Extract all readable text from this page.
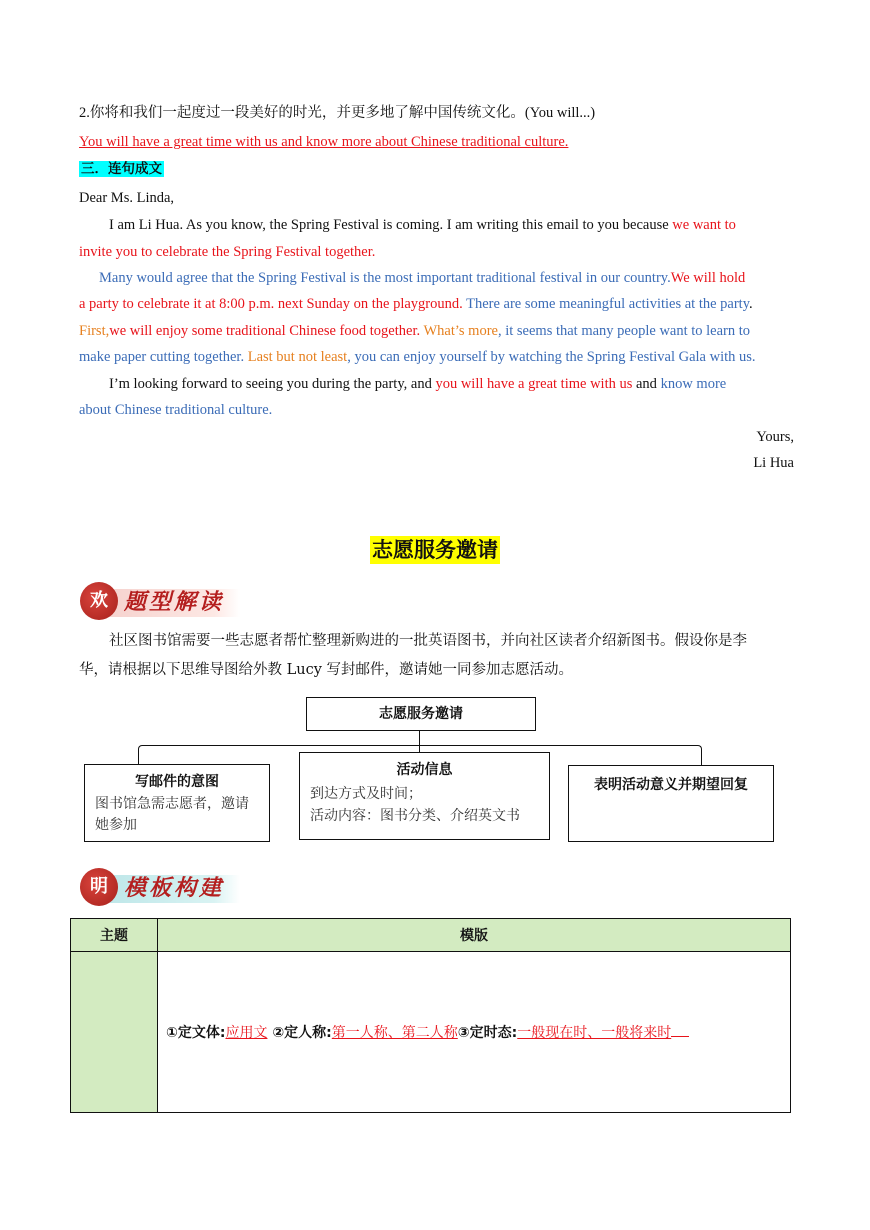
2.你将和我们一起度过一段美好的时光，并更多地了解中国传统文化。(You will...)
You will have a great time with us and know more about Chinese traditional culture.
三．连句成文
Dear Ms. Linda,
I am Li Hua. As you know, the Spring Festival is coming. I am writing this email to you because we want to
invite you to celebrate the Spring Festival together.
Many would agree that the Spring Festival is the most important traditional festival in our country.We will hold
a party to celebrate it at 8:00 p.m. next Sunday on the playground. There are some meaningful activities at the party.
First,we will enjoy some traditional Chinese food together. What’s more, it seems that many people want to learn to
make paper cutting together. Last but not least, you can enjoy yourself by watching the Spring Festival Gala with us.
I’m looking forward to seeing you during the party, and you will have a great time with us and know more
about Chinese traditional culture.
Yours,
Li Hua
志愿服务邀请
题型解读
欢
社区图书馆需要一些志愿者帮忙整理新购进的一批英语图书，并向社区读者介绍新图书。假设你是李
华，请根据以下思维导图给外教 Lucy 写封邮件，邀请她一同参加志愿活动。
志愿服务邀请
写邮件的意图
图书馆急需志愿者，邀请
她参加
活动信息
到达方式及时间；
活动内容：图书分类、介绍英文书
表明活动意义并期望回复
模板构建
明
主题	模版
	①定文体:应用文 ②定人称:第一人称、第二人称③定时态:一般现在时、一般将来时
